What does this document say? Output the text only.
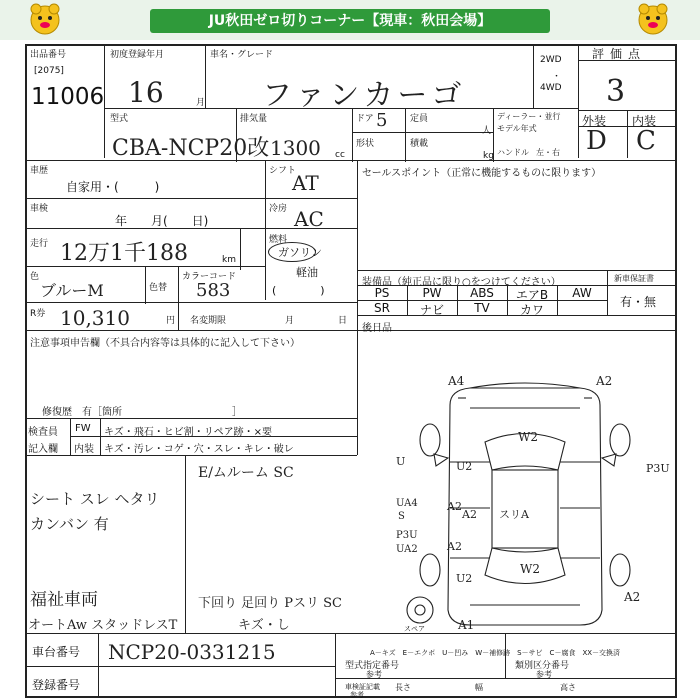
JU秋田ゼロ切りコーナー【現車：秋田会場】
出品番号
[2075]
11006
初度登録年月
16	月
車名・グレード
ファンカーゴ
2WD
・
4WD
評価点
3
外装 内装
D C
型式
CBA-NCP20改
排気量
1300 cc
ドア 5
形状
定員
人
積載
kg
ディーラー・並行
モデル年式
ハンドル 左・右
車歴
自家用・(　　　)
シフト
AT
車検
年　　月(　　日)
冷房 AC
走行 12万1千188	km
燃料
ガソリン
軽油
(　　　　)
色
ブルーM	色替
カラーコード
583
R券 10,310	円 名変期限	月	日
セールスポイント（正常に機能するものに限ります）
装備品（純正品に限り○をつけてください）	新車保証書
有・無
後日品
注意事項申告欄（不具合内容等は具体的に記入して下さい）
修復歴　有［箇所　　　　　　　　　　　］
検査員
記入欄
FW キズ・飛石・ヒビ割・リペア跡・×要
内装 キズ・汚レ・コゲ・穴・スレ・キレ・破レ
E/ムルーム SC
シート スレ ヘタリ
カンバン 有
福祉車両	下回り 足回り Pスリ SC
オートAw スタッドレスT	キズ・し
A4	A2
W2
U	U2	P3U
UA4
S
A2
A2 スリA
P3U
UA2	A2
W2
U2
A2
A1
スペア
A－キズ　E－エクボ　U－凹み　W－補修跡　S－サビ　C－腐食　XX－交換済
車台番号 NCP20-0331215
登録番号
型式指定番号
参考
類別区分番号
参考
車検証記載 長さ	幅	高さ
参考
PS	PW	ABS	エアB	AW
SR	ナビ	TV	カワ
